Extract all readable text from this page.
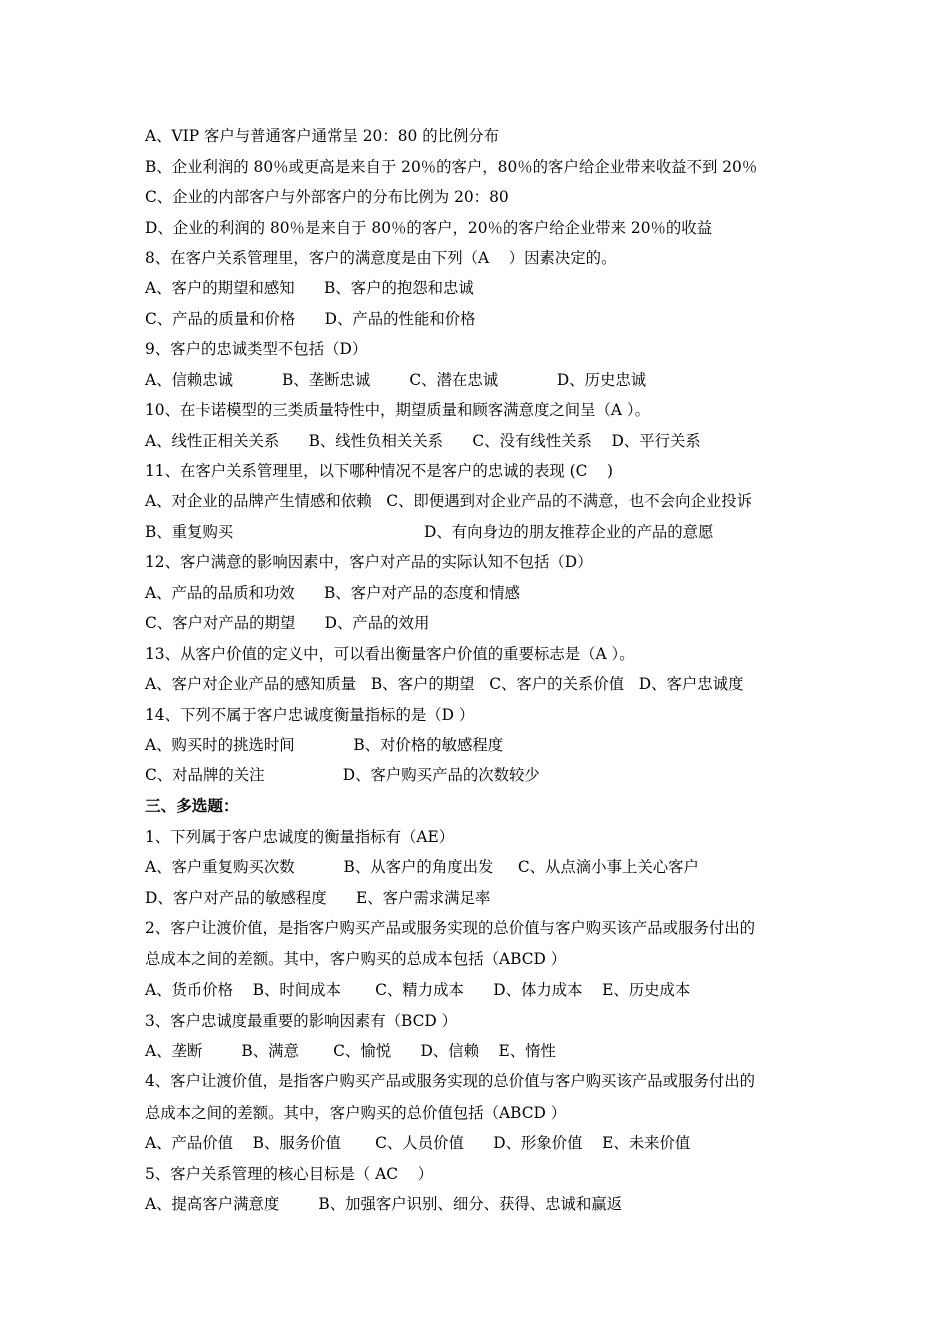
A、VIP 客户与普通客户通常呈 20：80 的比例分布
B、企业利润的 80％或更高是来自于 20％的客户，80％的客户给企业带来收益不到 20％
C、企业的内部客户与外部客户的分布比例为 20：80
D、企业的利润的 80％是来自于 80％的客户，20％的客户给企业带来 20％的收益
8、在客户关系管理里，客户的满意度是由下列（A    ）因素决定的。
A、客户的期望和感知      B、客户的抱怨和忠诚
C、产品的质量和价格      D、产品的性能和价格
9、客户的忠诚类型不包括（D）
A、信赖忠诚          B、垄断忠诚        C、潜在忠诚            D、历史忠诚
10、在卡诺模型的三类质量特性中，期望质量和顾客满意度之间呈（A ）。
A、线性正相关关系      B、线性负相关关系      C、没有线性关系    D、平行关系
11、在客户关系管理里，以下哪种情况不是客户的忠诚的表现 (C    )
A、对企业的品牌产生情感和依赖   C、即便遇到对企业产品的不满意，也不会向企业投诉
B、重复购买                                       D、有向身边的朋友推荐企业的产品的意愿
12、客户满意的影响因素中，客户对产品的实际认知不包括（D）
A、产品的品质和功效      B、客户对产品的态度和情感
C、客户对产品的期望      D、产品的效用
13、从客户价值的定义中，可以看出衡量客户价值的重要标志是（A ）。
A、客户对企业产品的感知质量   B、客户的期望   C、客户的关系价值   D、客户忠诚度
14、下列不属于客户忠诚度衡量指标的是（D ）
A、购买时的挑选时间            B、对价格的敏感程度
C、对品牌的关注                D、客户购买产品的次数较少
三、多选题：
1、下列属于客户忠诚度的衡量指标有（AE）
A、客户重复购买次数          B、从客户的角度出发     C、从点滴小事上关心客户
D、客户对产品的敏感程度      E、客户需求满足率
2、客户让渡价值，是指客户购买产品或服务实现的总价值与客户购买该产品或服务付出的
总成本之间的差额。其中，客户购买的总成本包括（ABCD ）
A、货币价格    B、时间成本       C、精力成本      D、体力成本    E、历史成本
3、客户忠诚度最重要的影响因素有（BCD ）
A、垄断        B、满意       C、愉悦      D、信赖    E、惰性
4、客户让渡价值，是指客户购买产品或服务实现的总价值与客户购买该产品或服务付出的
总成本之间的差额。其中，客户购买的总价值包括（ABCD ）
A、产品价值    B、服务价值       C、人员价值      D、形象价值    E、未来价值
5、客户关系管理的核心目标是（ AC    ）
A、提高客户满意度        B、加强客户识别、细分、获得、忠诚和赢返
